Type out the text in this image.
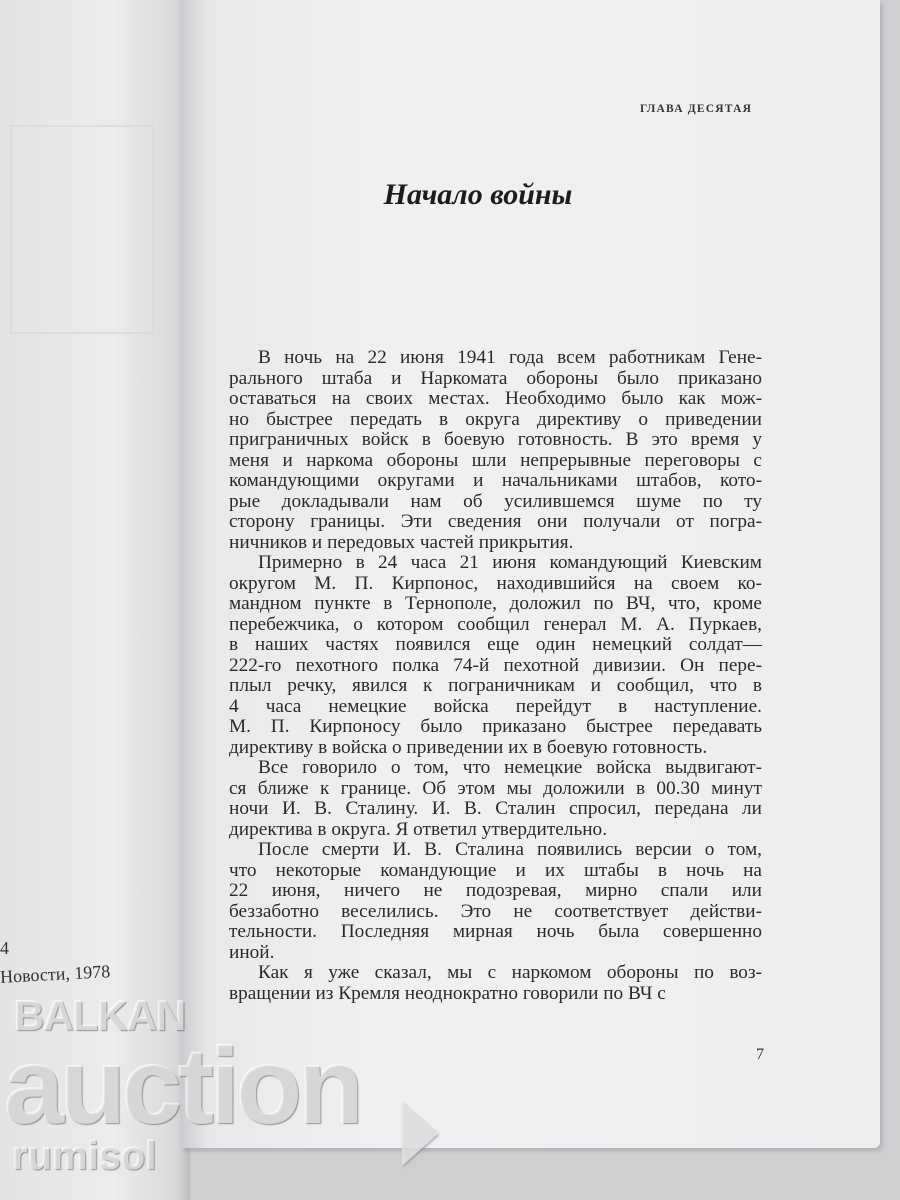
4
Новости, 1978
ГЛАВА ДЕСЯТАЯ
Начало войны
В ночь на 22 июня 1941 года всем работникам Гене-
рального штаба и Наркомата обороны было приказано
оставаться на своих местах. Необходимо было как мож-
но быстрее передать в округа директиву о приведении
приграничных войск в боевую готовность. В это время у
меня и наркома обороны шли непрерывные переговоры с
командующими округами и начальниками штабов, кото-
рые докладывали нам об усилившемся шуме по ту
сторону границы. Эти сведения они получали от погра-
ничников и передовых частей прикрытия.
Примерно в 24 часа 21 июня командующий Киевским
округом М. П. Кирпонос, находившийся на своем ко-
мандном пункте в Тернополе, доложил по ВЧ, что, кроме
перебежчика, о котором сообщил генерал М. А. Пуркаев,
в наших частях появился еще один немецкий солдат—
222-го пехотного полка 74-й пехотной дивизии. Он пере-
плыл речку, явился к пограничникам и сообщил, что в
4 часа немецкие войска перейдут в наступление.
М. П. Кирпоносу было приказано быстрее передавать
директиву в войска о приведении их в боевую готовность.
Все говорило о том, что немецкие войска выдвигают-
ся ближе к границе. Об этом мы доложили в 00.30 минут
ночи И. В. Сталину. И. В. Сталин спросил, передана ли
директива в округа. Я ответил утвердительно.
После смерти И. В. Сталина появились версии о том,
что некоторые командующие и их штабы в ночь на
22 июня, ничего не подозревая, мирно спали или
беззаботно веселились. Это не соответствует действи-
тельности. Последняя мирная ночь была совершенно
иной.
Как я уже сказал, мы с наркомом обороны по воз-
вращении из Кремля неоднократно говорили по ВЧ с
7
BALKAN
auction
rumisol
